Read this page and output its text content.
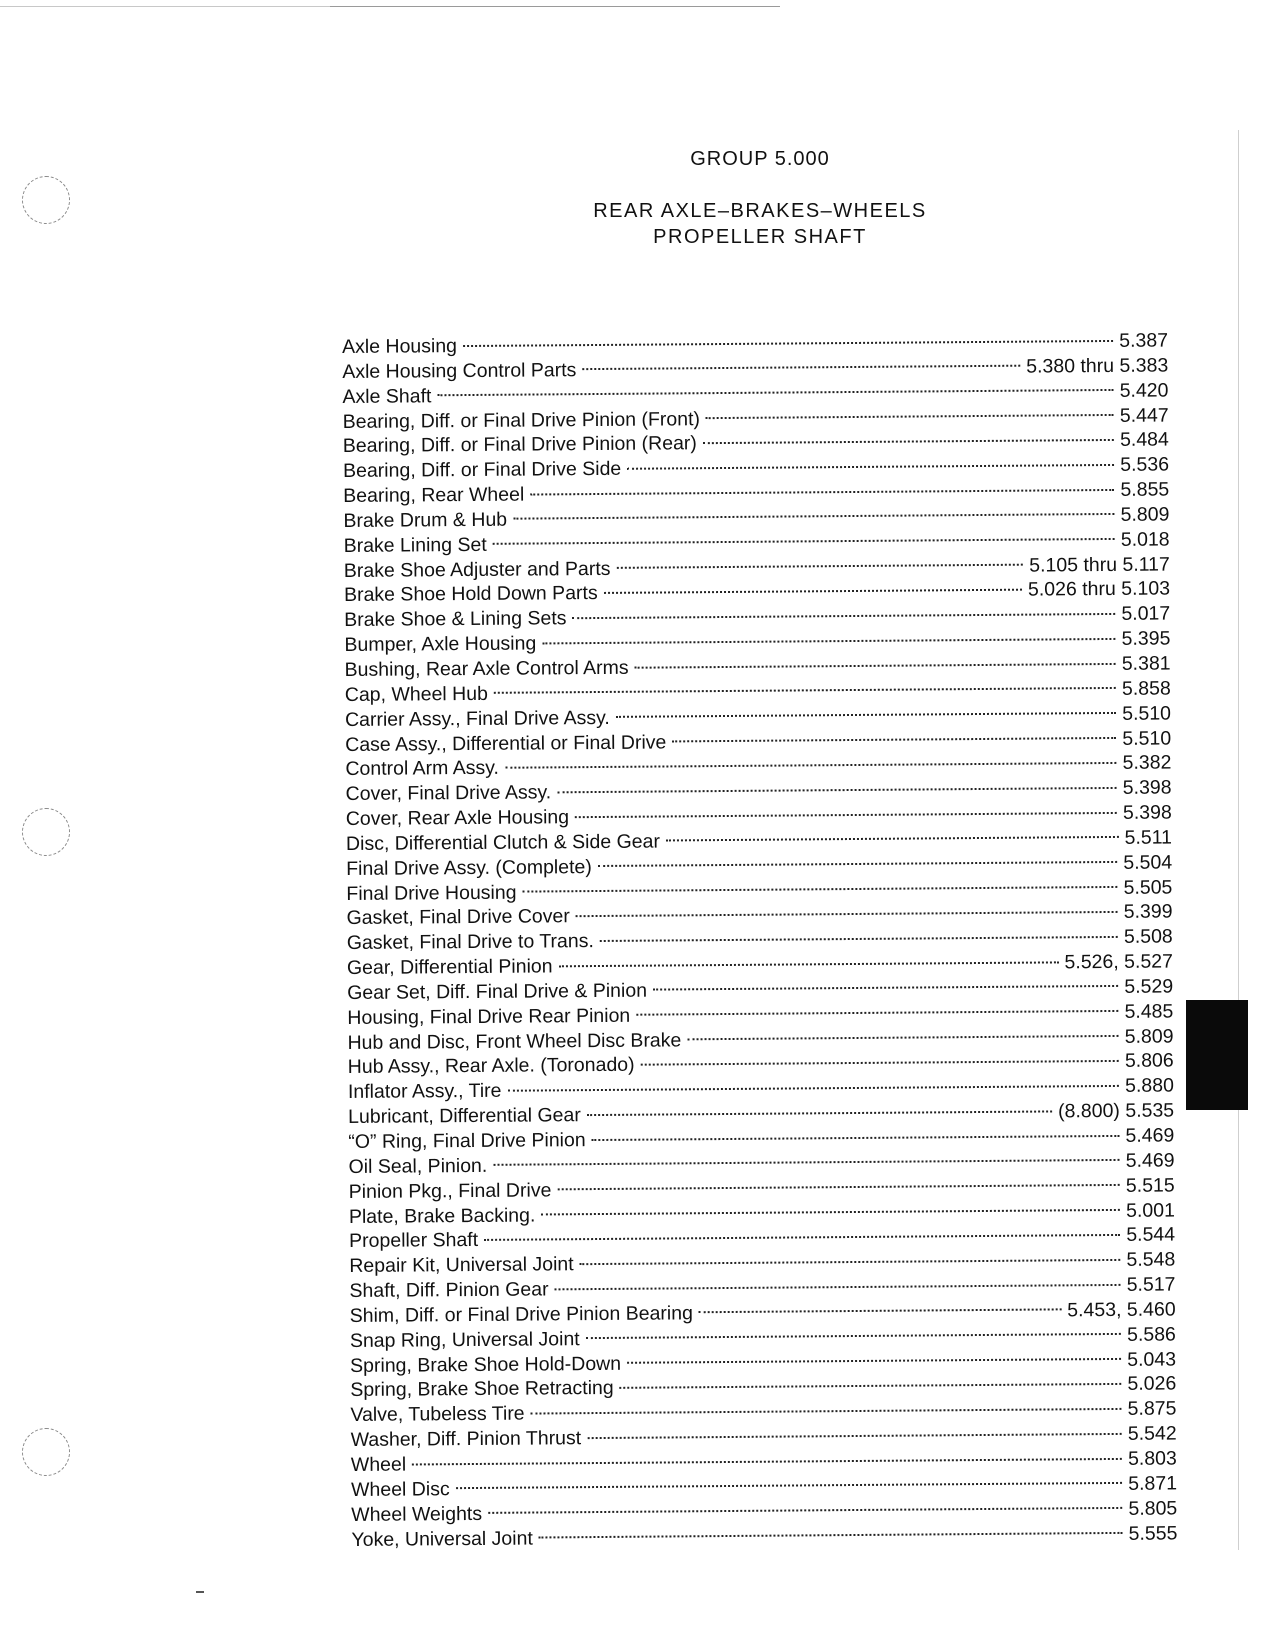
GROUP 5.000
REAR AXLE–BRAKES–WHEELS
PROPELLER SHAFT
Axle Housing	5.387
Axle Housing Control Parts	5.380 thru 5.383
Axle Shaft	5.420
Bearing, Diff. or Final Drive Pinion (Front)	5.447
Bearing, Diff. or Final Drive Pinion (Rear)	5.484
Bearing, Diff. or Final Drive Side	5.536
Bearing, Rear Wheel	5.855
Brake Drum & Hub	5.809
Brake Lining Set	5.018
Brake Shoe Adjuster and Parts	5.105 thru 5.117
Brake Shoe Hold Down Parts	5.026 thru 5.103
Brake Shoe & Lining Sets	5.017
Bumper, Axle Housing	5.395
Bushing, Rear Axle Control Arms	5.381
Cap, Wheel Hub	5.858
Carrier Assy., Final Drive Assy.	5.510
Case Assy., Differential or Final Drive	5.510
Control Arm Assy.	5.382
Cover, Final Drive Assy.	5.398
Cover, Rear Axle Housing	5.398
Disc, Differential Clutch & Side Gear	5.511
Final Drive Assy. (Complete)	5.504
Final Drive Housing	5.505
Gasket, Final Drive Cover	5.399
Gasket, Final Drive to Trans.	5.508
Gear, Differential Pinion	5.526, 5.527
Gear Set, Diff. Final Drive & Pinion	5.529
Housing, Final Drive Rear Pinion	5.485
Hub and Disc, Front Wheel Disc Brake	5.809
Hub Assy., Rear Axle. (Toronado)	5.806
Inflator Assy., Tire	5.880
Lubricant, Differential Gear	(8.800) 5.535
“O” Ring, Final Drive Pinion	5.469
Oil Seal, Pinion.	5.469
Pinion Pkg., Final Drive	5.515
Plate, Brake Backing.	5.001
Propeller Shaft	5.544
Repair Kit, Universal Joint	5.548
Shaft, Diff. Pinion Gear	5.517
Shim, Diff. or Final Drive Pinion Bearing	5.453, 5.460
Snap Ring, Universal Joint	5.586
Spring, Brake Shoe Hold-Down	5.043
Spring, Brake Shoe Retracting	5.026
Valve, Tubeless Tire	5.875
Washer, Diff. Pinion Thrust	5.542
Wheel	5.803
Wheel Disc	5.871
Wheel Weights	5.805
Yoke, Universal Joint	5.555
